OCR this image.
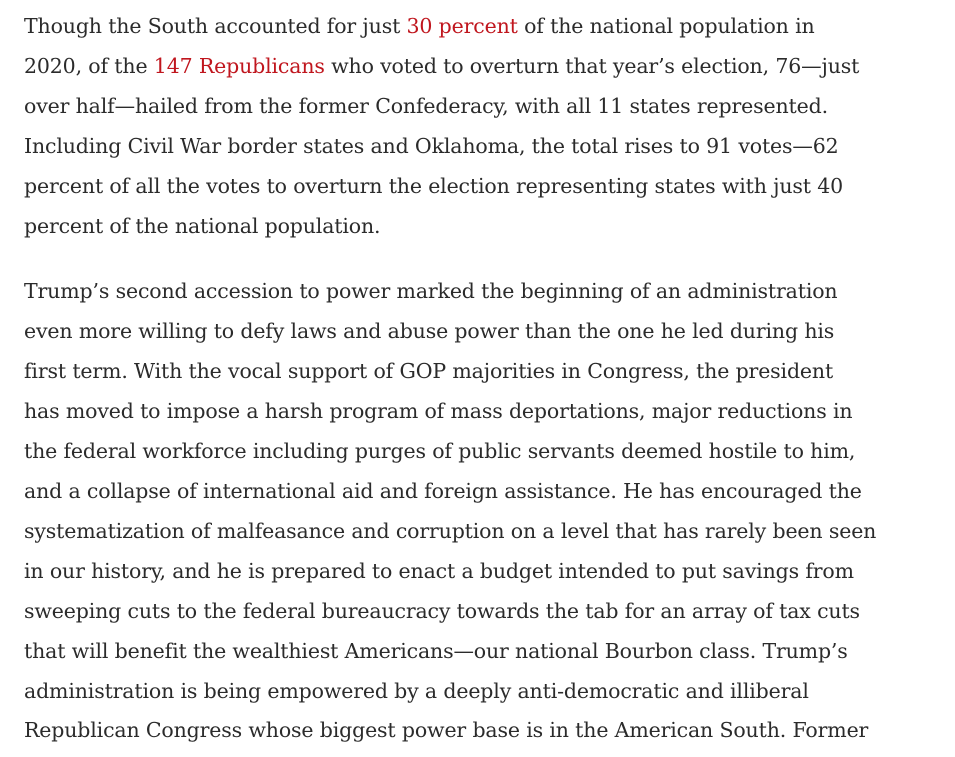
Though the South accounted for just 30 percent of the national population in
2020, of the 147 Republicans who voted to overturn that year’s election, 76—just
over half—hailed from the former Confederacy, with all 11 states represented.
Including Civil War border states and Oklahoma, the total rises to 91 votes—62
percent of all the votes to overturn the election representing states with just 40
percent of the national population.

Trump’s second accession to power marked the beginning of an administration
even more willing to defy laws and abuse power than the one he led during his
first term. With the vocal support of GOP majorities in Congress, the president
has moved to impose a harsh program of mass deportations, major reductions in
the federal workforce including purges of public servants deemed hostile to him,
and a collapse of international aid and foreign assistance. He has encouraged the
systematization of malfeasance and corruption on a level that has rarely been seen
in our history, and he is prepared to enact a budget intended to put savings from
sweeping cuts to the federal bureaucracy towards the tab for an array of tax cuts
that will benefit the wealthiest Americans—our national Bourbon class. Trump’s
administration is being empowered by a deeply anti-democratic and illiberal
Republican Congress whose biggest power base is in the American South. Former
